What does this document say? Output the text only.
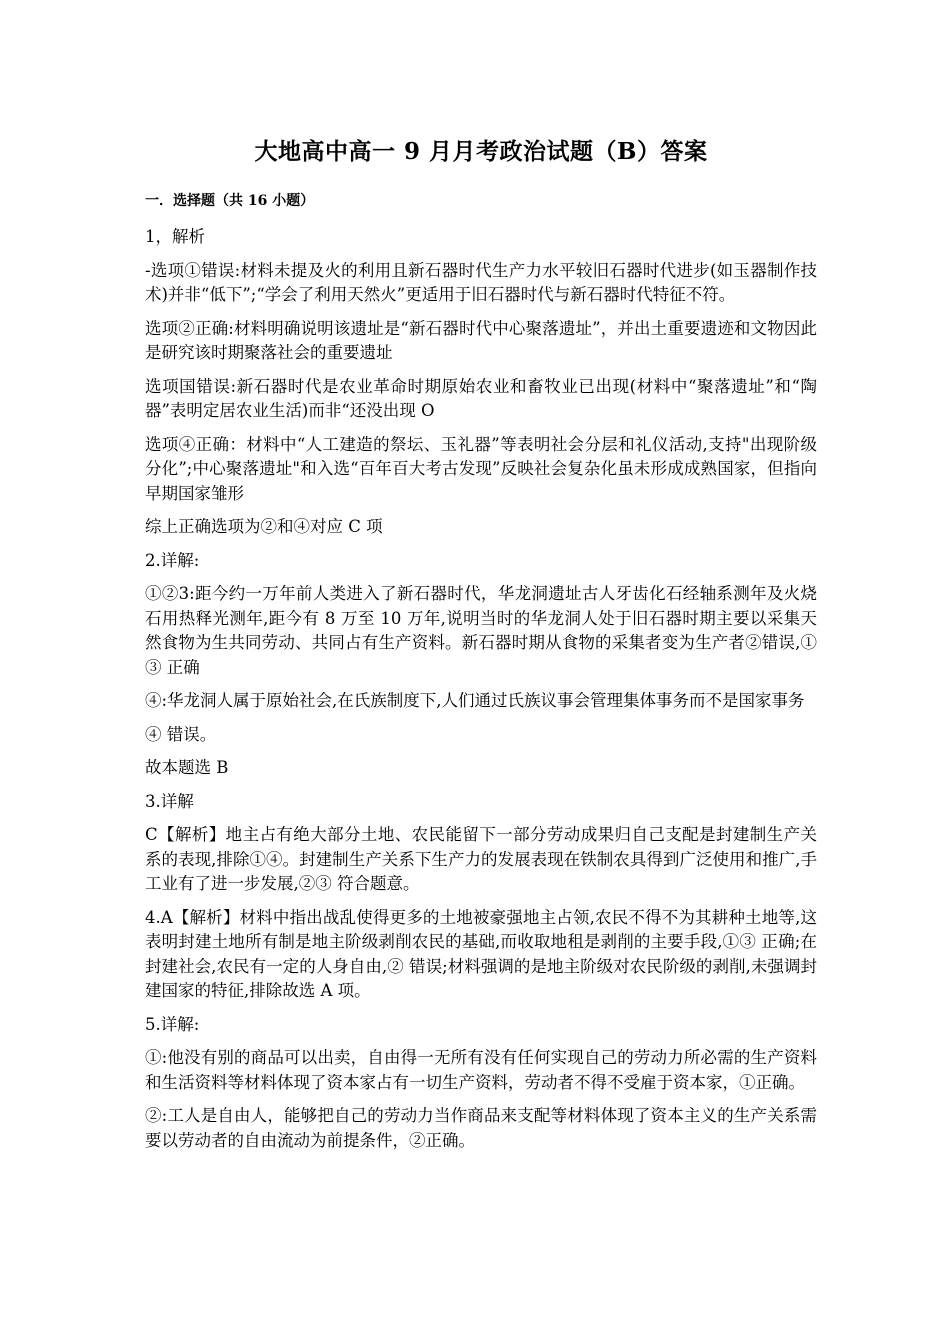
大地高中高一 9 月月考政治试题（B）答案
一．选择题（共 16 小题）

1，解析

-选项①错误:材料未提及火的利用且新石器时代生产力水平较旧石器时代进步(如玉器制作技术)并非“低下”;“学会了利用天然火”更适用于旧石器时代与新石器时代特征不符。

选项②正确:材料明确说明该遗址是“新石器时代中心聚落遗址”，并出土重要遗迹和文物因此是研究该时期聚落社会的重要遗址

选项国错误:新石器时代是农业革命时期原始农业和畜牧业已出现(材料中“聚落遗址”和“陶器”表明定居农业生活)而非“还没出现 O

选项④正确：材料中“人工建造的祭坛、玉礼器”等表明社会分层和礼仪活动,支持"出现阶级分化”;中心聚落遗址"和入选“百年百大考古发现”反映社会复杂化虽未形成成熟国家，但指向早期国家雏形

综上正确选项为②和④对应 C 项

2.详解:

①②3:距今约一万年前人类进入了新石器时代，华龙洞遗址古人牙齿化石经轴系测年及火烧石用热释光测年,距今有 8 万至 10 万年,说明当时的华龙洞人处于旧石器时期主要以采集天然食物为生共同劳动、共同占有生产资料。新石器时期从食物的采集者变为生产者②错误,①③ 正确

④:华龙洞人属于原始社会,在氏族制度下,人们通过氏族议事会管理集体事务而不是国家事务

④ 错误。

故本题选 B

3.详解

C【解析】地主占有绝大部分土地、农民能留下一部分劳动成果归自己支配是封建制生产关系的表现,排除①④。封建制生产关系下生产力的发展表现在铁制农具得到广泛使用和推广,手工业有了进一步发展,②③ 符合题意。

4.A【解析】材料中指出战乱使得更多的土地被豪强地主占领,农民不得不为其耕种土地等,这表明封建土地所有制是地主阶级剥削农民的基础,而收取地租是剥削的主要手段,①③ 正确;在封建社会,农民有一定的人身自由,② 错误;材料强调的是地主阶级对农民阶级的剥削,未强调封建国家的特征,排除故选 A 项。

5.详解:

①:他没有别的商品可以出卖，自由得一无所有没有任何实现自己的劳动力所必需的生产资料和生活资料等材料体现了资本家占有一切生产资料，劳动者不得不受雇于资本家，①正确。

②:工人是自由人，能够把自己的劳动力当作商品来支配等材料体现了资本主义的生产关系需要以劳动者的自由流动为前提条件，②正确。
